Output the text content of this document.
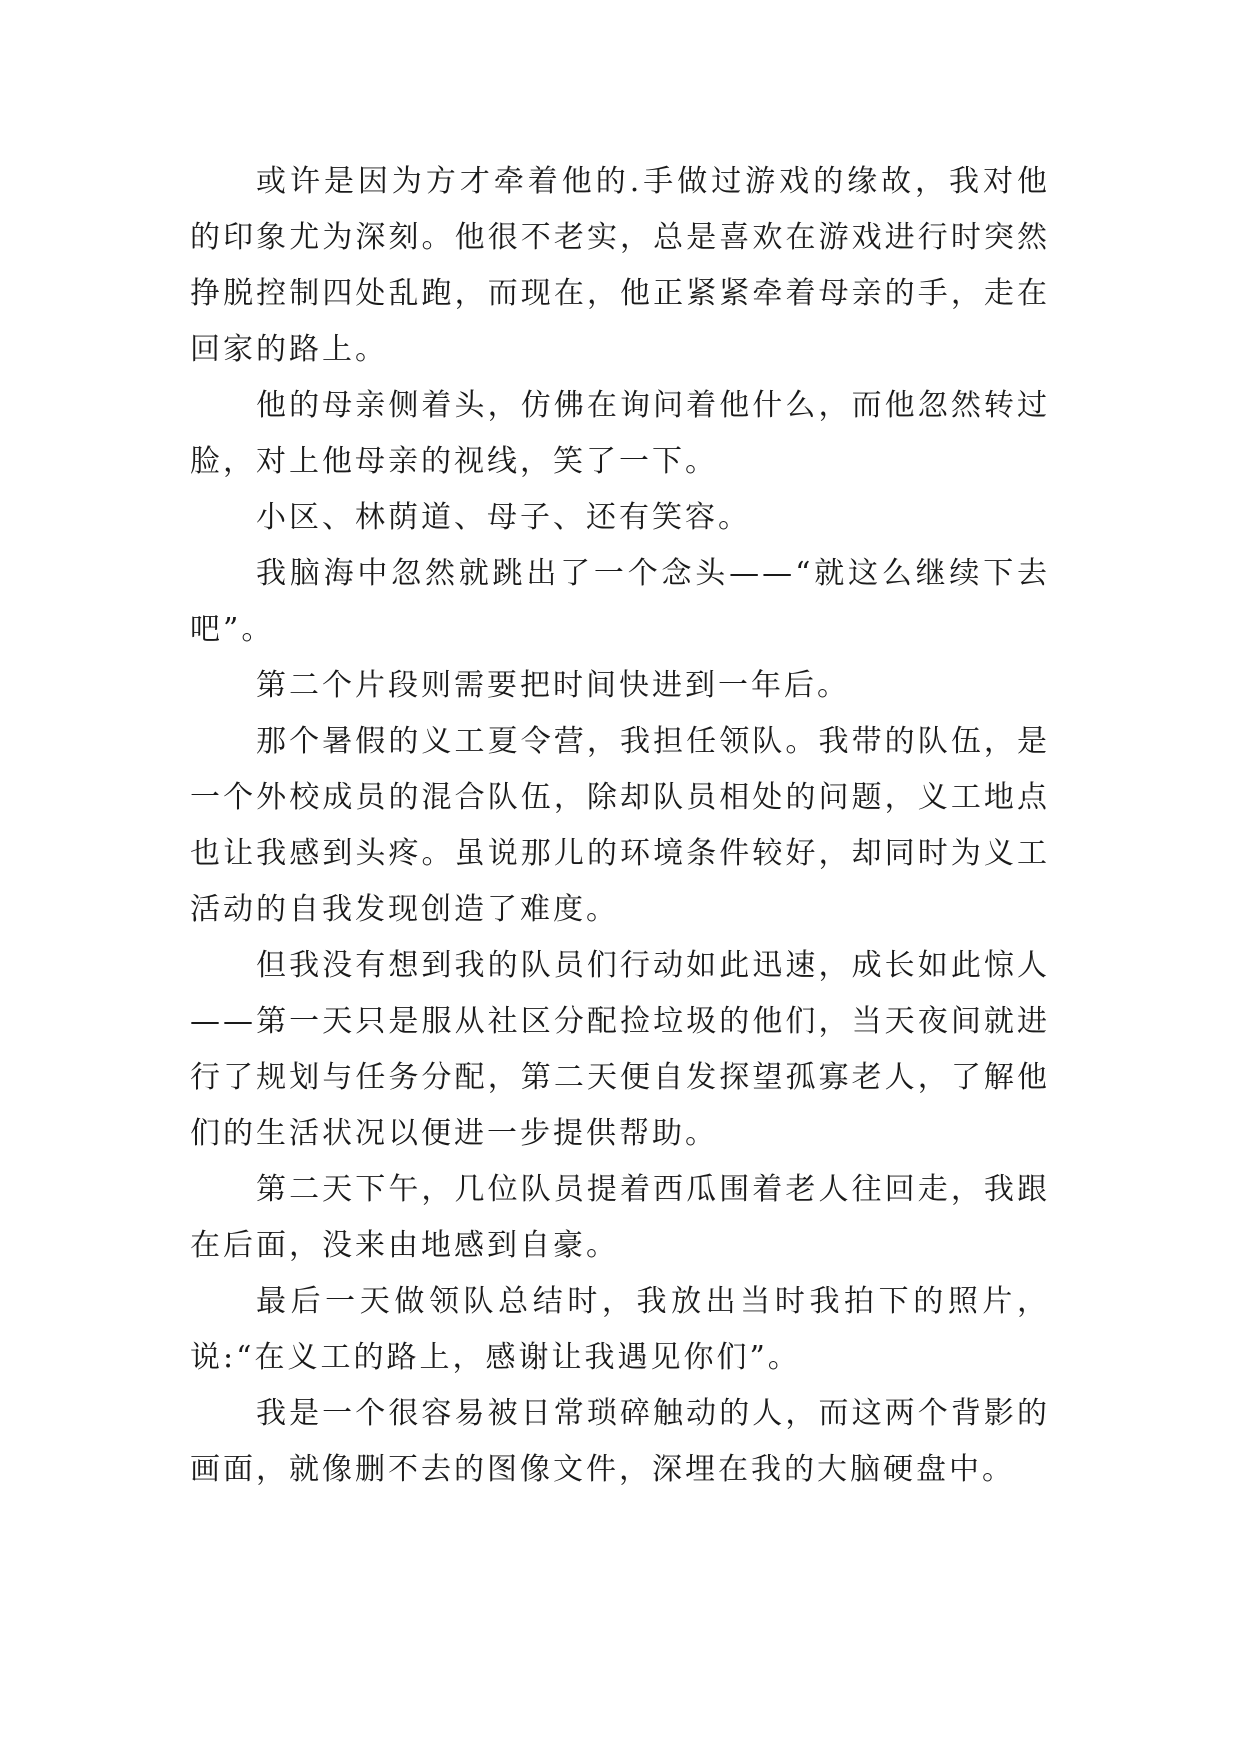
或许是因为方才牵着他的.手做过游戏的缘故，我对他的印象尤为深刻。他很不老实，总是喜欢在游戏进行时突然挣脱控制四处乱跑，而现在，他正紧紧牵着母亲的手，走在回家的路上。

他的母亲侧着头，仿佛在询问着他什么，而他忽然转过脸，对上他母亲的视线，笑了一下。

小区、林荫道、母子、还有笑容。

我脑海中忽然就跳出了一个念头——“就这么继续下去吧”。

第二个片段则需要把时间快进到一年后。

那个暑假的义工夏令营，我担任领队。我带的队伍，是一个外校成员的混合队伍，除却队员相处的问题，义工地点也让我感到头疼。虽说那儿的环境条件较好，却同时为义工活动的自我发现创造了难度。

但我没有想到我的队员们行动如此迅速，成长如此惊人——第一天只是服从社区分配捡垃圾的他们，当天夜间就进行了规划与任务分配，第二天便自发探望孤寡老人，了解他们的生活状况以便进一步提供帮助。

第二天下午，几位队员提着西瓜围着老人往回走，我跟在后面，没来由地感到自豪。

最后一天做领队总结时，我放出当时我拍下的照片，说:“在义工的路上，感谢让我遇见你们”。

我是一个很容易被日常琐碎触动的人，而这两个背影的画面，就像删不去的图像文件，深埋在我的大脑硬盘中。
